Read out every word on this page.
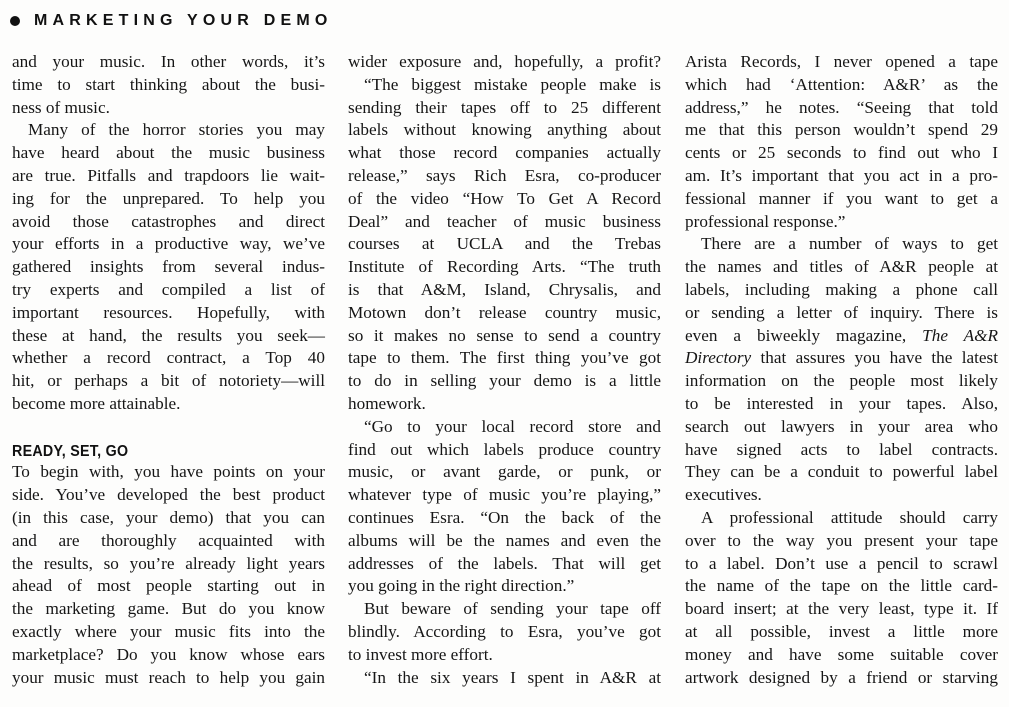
MARKETING YOUR DEMO
and your music. In other words, it’s
time to start thinking about the busi-
ness of music.
Many of the horror stories you may
have heard about the music business
are true. Pitfalls and trapdoors lie wait-
ing for the unprepared. To help you
avoid those catastrophes and direct
your efforts in a productive way, we’ve
gathered insights from several indus-
try experts and compiled a list of
important resources. Hopefully, with
these at hand, the results you seek—
whether a record contract, a Top 40
hit, or perhaps a bit of notoriety—will
become more attainable.
READY, SET, GO
To begin with, you have points on your
side. You’ve developed the best product
(in this case, your demo) that you can
and are thoroughly acquainted with
the results, so you’re already light years
ahead of most people starting out in
the marketing game. But do you know
exactly where your music fits into the
marketplace? Do you know whose ears
your music must reach to help you gain
wider exposure and, hopefully, a profit?
“The biggest mistake people make is
sending their tapes off to 25 different
labels without knowing anything about
what those record companies actually
release,” says Rich Esra, co-producer
of the video “How To Get A Record
Deal” and teacher of music business
courses at UCLA and the Trebas
Institute of Recording Arts. “The truth
is that A&M, Island, Chrysalis, and
Motown don’t release country music,
so it makes no sense to send a country
tape to them. The first thing you’ve got
to do in selling your demo is a little
homework.
“Go to your local record store and
find out which labels produce country
music, or avant garde, or punk, or
whatever type of music you’re playing,”
continues Esra. “On the back of the
albums will be the names and even the
addresses of the labels. That will get
you going in the right direction.”
But beware of sending your tape off
blindly. According to Esra, you’ve got
to invest more effort.
“In the six years I spent in A&R at
Arista Records, I never opened a tape
which had ‘Attention: A&R’ as the
address,” he notes. “Seeing that told
me that this person wouldn’t spend 29
cents or 25 seconds to find out who I
am. It’s important that you act in a pro-
fessional manner if you want to get a
professional response.”
There are a number of ways to get
the names and titles of A&R people at
labels, including making a phone call
or sending a letter of inquiry. There is
even a biweekly magazine, The A&R
Directory that assures you have the latest
information on the people most likely
to be interested in your tapes. Also,
search out lawyers in your area who
have signed acts to label contracts.
They can be a conduit to powerful label
executives.
A professional attitude should carry
over to the way you present your tape
to a label. Don’t use a pencil to scrawl
the name of the tape on the little card-
board insert; at the very least, type it. If
at all possible, invest a little more
money and have some suitable cover
artwork designed by a friend or starving
